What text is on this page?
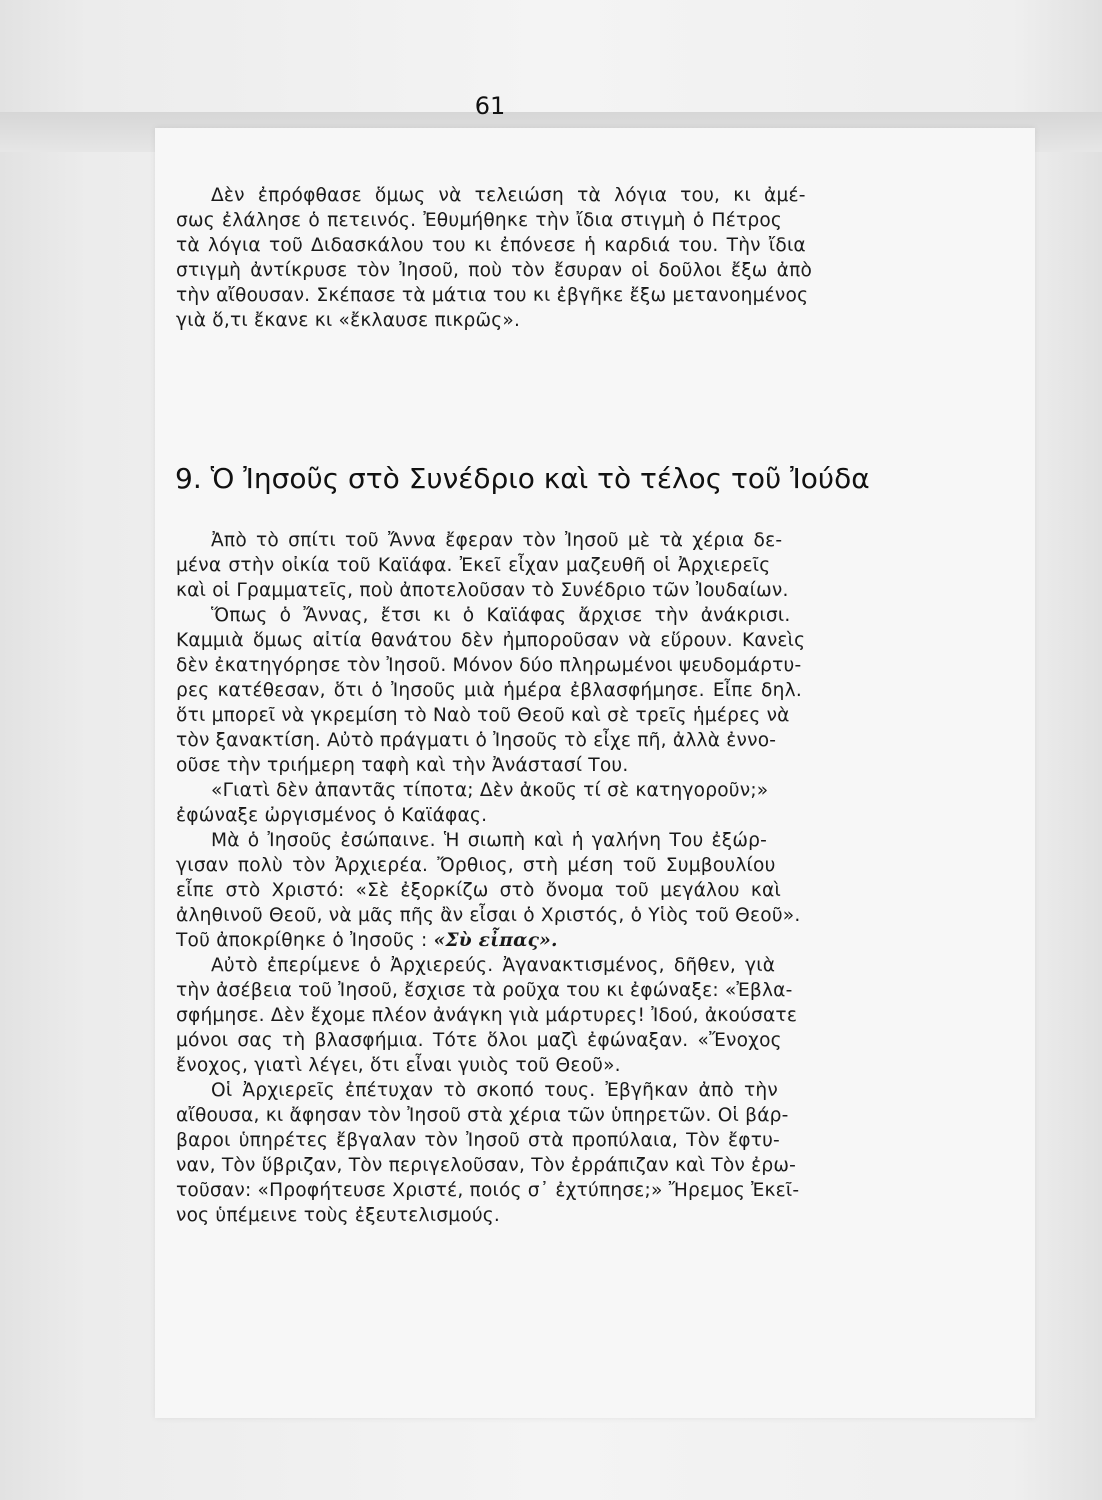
61
Δὲν ἐπρόφθασε ὅμως νὰ τελειώση τὰ λόγια του, κι ἀμέ-
σως ἐλάλησε ὁ πετεινός. Ἐθυμήθηκε τὴν ἴδια στιγμὴ ὁ Πέτρος
τὰ λόγια τοῦ Διδασκάλου του κι ἐπόνεσε ἡ καρδιά του. Τὴν ἴδια
στιγμὴ ἀντίκρυσε τὸν Ἰησοῦ, ποὺ τὸν ἔσυραν οἱ δοῦλοι ἔξω ἀπὸ
τὴν αἴθουσαν. Σκέπασε τὰ μάτια του κι ἐβγῆκε ἔξω μετανοημένος
γιὰ ὅ,τι ἔκανε κι «ἔκλαυσε πικρῶς».
9. Ὁ Ἰησοῦς στὸ Συνέδριο καὶ τὸ τέλος τοῦ Ἰούδα
Ἀπὸ τὸ σπίτι τοῦ Ἄννα ἔφεραν τὸν Ἰησοῦ μὲ τὰ χέρια δε-
μένα στὴν οἰκία τοῦ Καϊάφα. Ἐκεῖ εἶχαν μαζευθῆ οἱ Ἀρχιερεῖς
καὶ οἱ Γραμματεῖς, ποὺ ἀποτελοῦσαν τὸ Συνέδριο τῶν Ἰουδαίων.
Ὅπως ὁ Ἄννας, ἔτσι κι ὁ Καϊάφας ἄρχισε τὴν ἀνάκρισι.
Καμμιὰ ὅμως αἰτία θανάτου δὲν ἠμποροῦσαν νὰ εὕρουν. Κανεὶς
δὲν ἐκατηγόρησε τὸν Ἰησοῦ. Μόνον δύο πληρωμένοι ψευδομάρτυ-
ρες κατέθεσαν, ὅτι ὁ Ἰησοῦς μιὰ ἡμέρα ἐβλασφήμησε. Εἶπε δηλ.
ὅτι μπορεῖ νὰ γκρεμίση τὸ Ναὸ τοῦ Θεοῦ καὶ σὲ τρεῖς ἡμέρες νὰ
τὸν ξανακτίση. Αὐτὸ πράγματι ὁ Ἰησοῦς τὸ εἶχε πῆ, ἀλλὰ ἐννο-
οῦσε τὴν τριήμερη ταφὴ καὶ τὴν Ἀνάστασί Του.
«Γιατὶ δὲν ἀπαντᾶς τίποτα; Δὲν ἀκοῦς τί σὲ κατηγοροῦν;»
ἐφώναξε ὠργισμένος ὁ Καϊάφας.
Μὰ ὁ Ἰησοῦς ἐσώπαινε. Ἡ σιωπὴ καὶ ἡ γαλήνη Του ἐξώρ-
γισαν πολὺ τὸν Ἀρχιερέα. Ὄρθιος, στὴ μέση τοῦ Συμβουλίου
εἶπε στὸ Χριστό: «Σὲ ἐξορκίζω στὸ ὄνομα τοῦ μεγάλου καὶ
ἀληθινοῦ Θεοῦ, νὰ μᾶς πῆς ἂν εἶσαι ὁ Χριστός, ὁ Υἱὸς τοῦ Θεοῦ».
Τοῦ ἀποκρίθηκε ὁ Ἰησοῦς : «Σὺ εἶπας».
Αὐτὸ ἐπερίμενε ὁ Ἀρχιερεύς. Ἀγανακτισμένος, δῆθεν, γιὰ
τὴν ἀσέβεια τοῦ Ἰησοῦ, ἔσχισε τὰ ροῦχα του κι ἐφώναξε: «Ἐβλα-
σφήμησε. Δὲν ἔχομε πλέον ἀνάγκη γιὰ μάρτυρες! Ἰδού, ἀκούσατε
μόνοι σας τὴ βλασφήμια. Τότε ὅλοι μαζὶ ἐφώναξαν. «Ἔνοχος
ἔνοχος, γιατὶ λέγει, ὅτι εἶναι γυιὸς τοῦ Θεοῦ».
Οἱ Ἀρχιερεῖς ἐπέτυχαν τὸ σκοπό τους. Ἐβγῆκαν ἀπὸ τὴν
αἴθουσα, κι ἄφησαν τὸν Ἰησοῦ στὰ χέρια τῶν ὑπηρετῶν. Οἱ βάρ-
βαροι ὑπηρέτες ἔβγαλαν τὸν Ἰησοῦ στὰ προπύλαια, Τὸν ἔφτυ-
ναν, Τὸν ὕβριζαν, Τὸν περιγελοῦσαν, Τὸν ἐρράπιζαν καὶ Τὸν ἐρω-
τοῦσαν: «Προφήτευσε Χριστέ, ποιός σ᾽ ἐχτύπησε;» Ἤρεμος Ἐκεῖ-
νος ὑπέμεινε τοὺς ἐξευτελισμούς.
